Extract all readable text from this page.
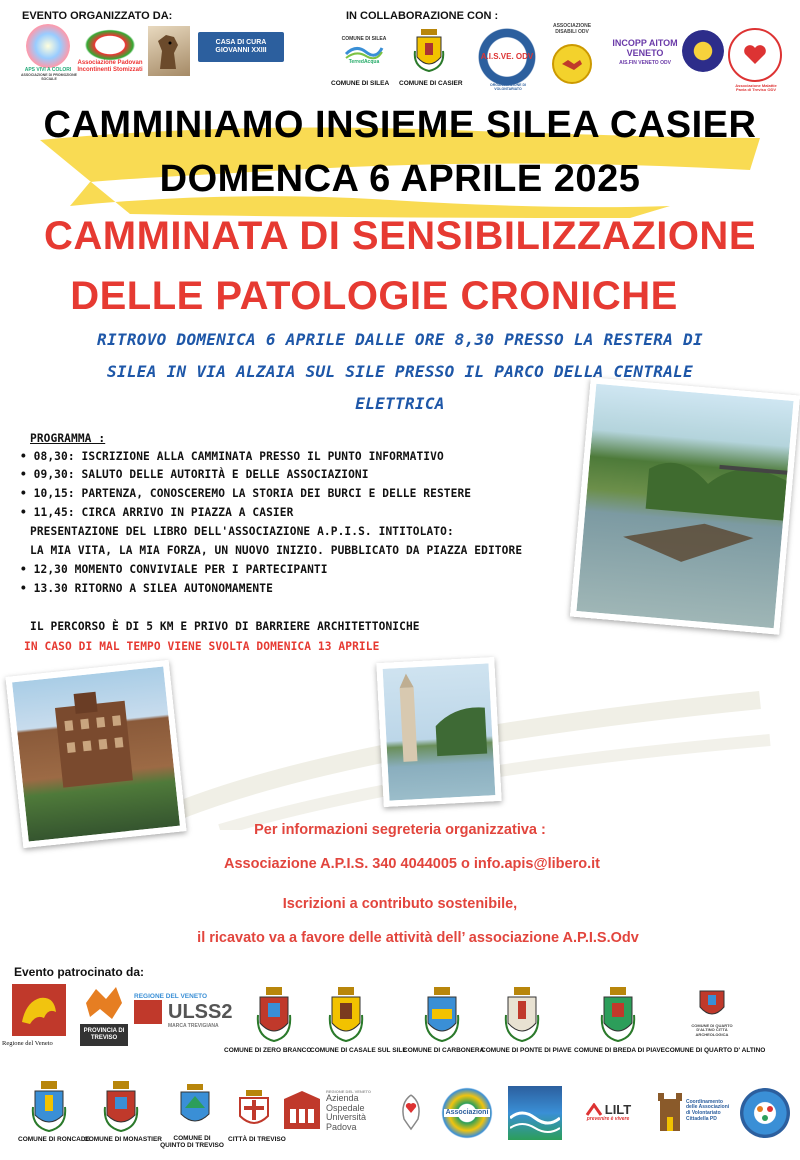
EVENTO ORGANIZZATO DA:	IN COLLABORAZIONE CON :
APS VIVI A COLORI
ASSOCIAZIONE DI PROMOZIONE SOCIALE
Associazione Padovan Incontinenti Stomizzati
CASA DI CURA GIOVANNI XXIII
COMUNE DI SILEA
TerredAcqua
COMUNE DI SILEA COMUNE DI CASIER
A.I.S.VE. ODV
ORGANIZZAZIONE DI VOLONTARIATO
ASSOCIAZIONE DISABILI ODV
INCOPP AITOM VENETO
AIS.FIN VENETO ODV
Associazione Malattie Pavia di Treviso ODV
CAMMINIAMO INSIEME SILEA CASIER
DOMENCA 6 APRILE 2025
CAMMINATA DI SENSIBILIZZAZIONE
DELLE PATOLOGIE CRONICHE
RITROVO DOMENICA 6 APRILE DALLE ORE 8,30 PRESSO LA RESTERA DI
SILEA IN VIA ALZAIA SUL SILE PRESSO IL PARCO DELLA CENTRALE
ELETTRICA
PROGRAMMA :
• 08,30: ISCRIZIONE ALLA CAMMINATA PRESSO IL PUNTO INFORMATIVO
• 09,30: SALUTO DELLE AUTORITÀ E DELLE ASSOCIAZIONI
• 10,15: PARTENZA, CONOSCEREMO LA STORIA DEI BURCI E DELLE RESTERE
• 11,45: CIRCA ARRIVO IN PIAZZA A CASIER
PRESENTAZIONE DEL LIBRO DELL'ASSOCIAZIONE A.P.I.S. INTITOLATO:
LA MIA VITA, LA MIA FORZA, UN NUOVO INIZIO. PUBBLICATO DA PIAZZA EDITORE
• 12,30 MOMENTO CONVIVIALE PER I PARTECIPANTI
• 13.30 RITORNO A SILEA AUTONOMAMENTE
IL PERCORSO È DI 5 KM E PRIVO DI BARRIERE ARCHITETTONICHE
IN CASO DI MAL TEMPO VIENE SVOLTA DOMENICA 13 APRILE
Per informazioni segreteria organizzativa :
Associazione A.P.I.S. 340 4044005 o info.apis@libero.it
Iscrizioni a contributo sostenibile,
il ricavato va a favore delle attività dell’ associazione A.P.I.S.Odv
Evento patrocinato da:
Regione del Veneto
PROVINCIA DI TREVISO
REGIONE DEL VENETO
ULSS2
MARCA TREVIGIANA
COMUNE DI ZERO BRANCO
COMUNE DI CASALE SUL SILE
COMUNE DI CARBONERA
COMUNE DI PONTE DI PIAVE COMUNE DI BREDA DI PIAVE
COMUNE DI QUARTO D'ALTINO CITTÀ ARCHEOLOGICA
COMUNE DI QUARTO D' ALTINO
COMUNE DI RONCADE
COMUNE DI MONASTIER	COMUNE DI QUINTO DI TREVISO
CITTÀ DI TREVISO
REGIONE DEL VENETO
Azienda Ospedale Università Padova
Associazioni	LILT
prevenire è vivere
Coordinamento delle Associazioni di Volontariato Cittadella PD
